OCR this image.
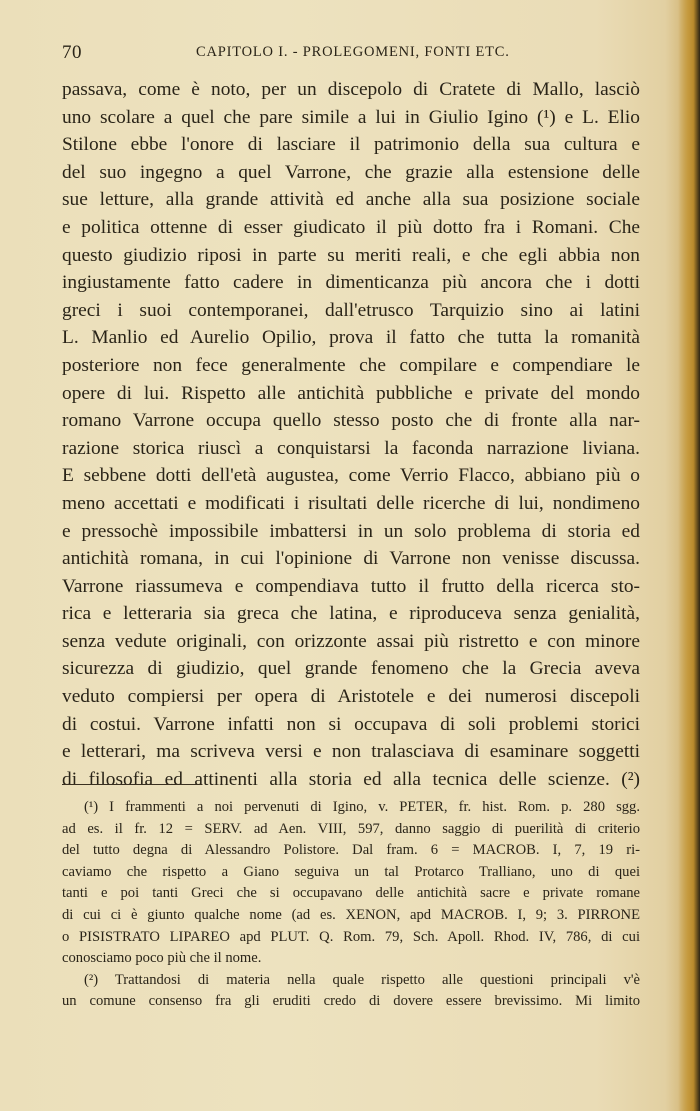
70	CAPITOLO I. - PROLEGOMENI, FONTI ETC.
passava, come è noto, per un discepolo di Cratete di Mallo, lasciò
uno scolare a quel che pare simile a lui in Giulio Igino (¹) e L. Elio
Stilone ebbe l'onore di lasciare il patrimonio della sua cultura e
del suo ingegno a quel Varrone, che grazie alla estensione delle
sue letture, alla grande attività ed anche alla sua posizione sociale
e politica ottenne di esser giudicato il più dotto fra i Romani. Che
questo giudizio riposi in parte su meriti reali, e che egli abbia non
ingiustamente fatto cadere in dimenticanza più ancora che i dotti
greci i suoi contemporanei, dall'etrusco Tarquizio sino ai latini
L. Manlio ed Aurelio Opilio, prova il fatto che tutta la romanità
posteriore non fece generalmente che compilare e compendiare le
opere di lui. Rispetto alle antichità pubbliche e private del mondo
romano Varrone occupa quello stesso posto che di fronte alla nar-
razione storica riuscì a conquistarsi la faconda narrazione liviana.
E sebbene dotti dell'età augustea, come Verrio Flacco, abbiano più o
meno accettati e modificati i risultati delle ricerche di lui, nondimeno
e pressochè impossibile imbattersi in un solo problema di storia ed
antichità romana, in cui l'opinione di Varrone non venisse discussa.
Varrone riassumeva e compendiava tutto il frutto della ricerca sto-
rica e letteraria sia greca che latina, e riproduceva senza genialità,
senza vedute originali, con orizzonte assai più ristretto e con minore
sicurezza di giudizio, quel grande fenomeno che la Grecia aveva
veduto compiersi per opera di Aristotele e dei numerosi discepoli
di costui. Varrone infatti non si occupava di soli problemi storici
e letterari, ma scriveva versi e non tralasciava di esaminare soggetti
di filosofia ed attinenti alla storia ed alla tecnica delle scienze. (²)
(¹) I frammenti a noi pervenuti di Igino, v. PETER, fr. hist. Rom. p. 280 sgg.
ad es. il fr. 12 = SERV. ad Aen. VIII, 597, danno saggio di puerilità di criterio
del tutto degna di Alessandro Polistore. Dal fram. 6 = MACROB. I, 7, 19 ri-
caviamo che rispetto a Giano seguiva un tal Protarco Tralliano, uno di quei
tanti e poi tanti Greci che si occupavano delle antichità sacre e private romane
di cui ci è giunto qualche nome (ad es. XENON, apd MACROB. I, 9; 3. PIRRONE
o PISISTRATO LIPAREO apd PLUT. Q. Rom. 79, Sch. Apoll. Rhod. IV, 786, di cui
conosciamo poco più che il nome.
(²) Trattandosi di materia nella quale rispetto alle questioni principali v'è
un comune consenso fra gli eruditi credo di dovere essere brevissimo. Mi limito
